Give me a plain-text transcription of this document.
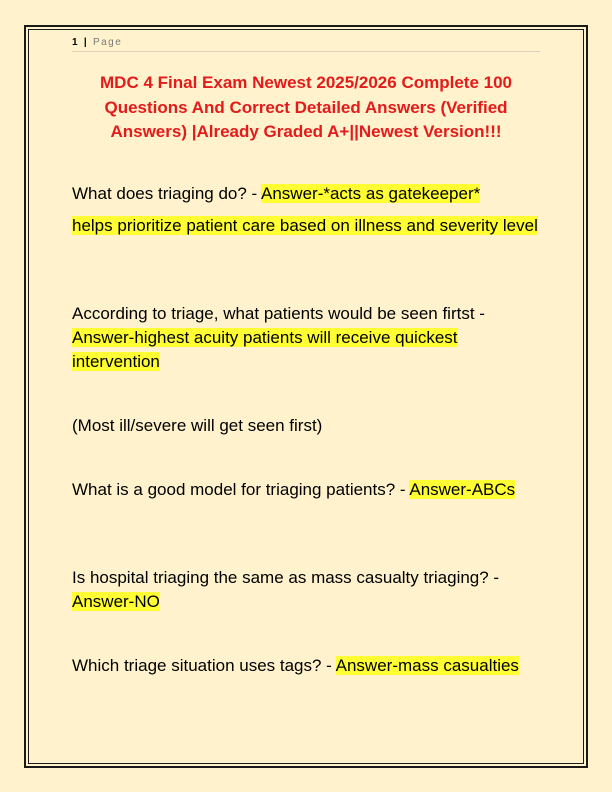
1 | Page
MDC 4 Final Exam Newest 2025/2026 Complete 100 Questions And Correct Detailed Answers (Verified Answers) |Already Graded A+||Newest Version!!!
What does triaging do? - Answer-*acts as gatekeeper*
helps prioritize patient care based on illness and severity level
According to triage, what patients would be seen firtst - Answer-highest acuity patients will receive quickest intervention
(Most ill/severe will get seen first)
What is a good model for triaging patients? - Answer-ABCs
Is hospital triaging the same as mass casualty triaging? - Answer-NO
Which triage situation uses tags? - Answer-mass casualties
